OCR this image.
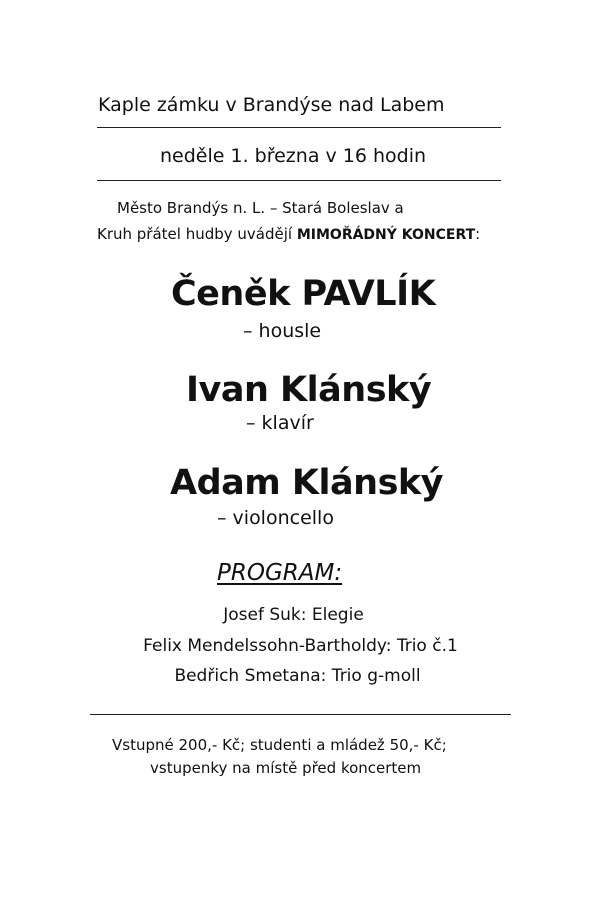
Kaple zámku v Brandýse nad Labem
neděle 1. března v 16 hodin
Město Brandýs n. L. – Stará Boleslav a
Kruh přátel hudby uvádějí MIMOŘÁDNÝ KONCERT:
Čeněk PAVLÍK
– housle
Ivan Klánský
– klavír
Adam Klánský
– violoncello
PROGRAM:
Josef Suk: Elegie
Felix Mendelssohn-Bartholdy: Trio č.1
Bedřich Smetana: Trio g-moll
Vstupné 200,- Kč; studenti a mládež 50,- Kč;
vstupenky na místě před koncertem
